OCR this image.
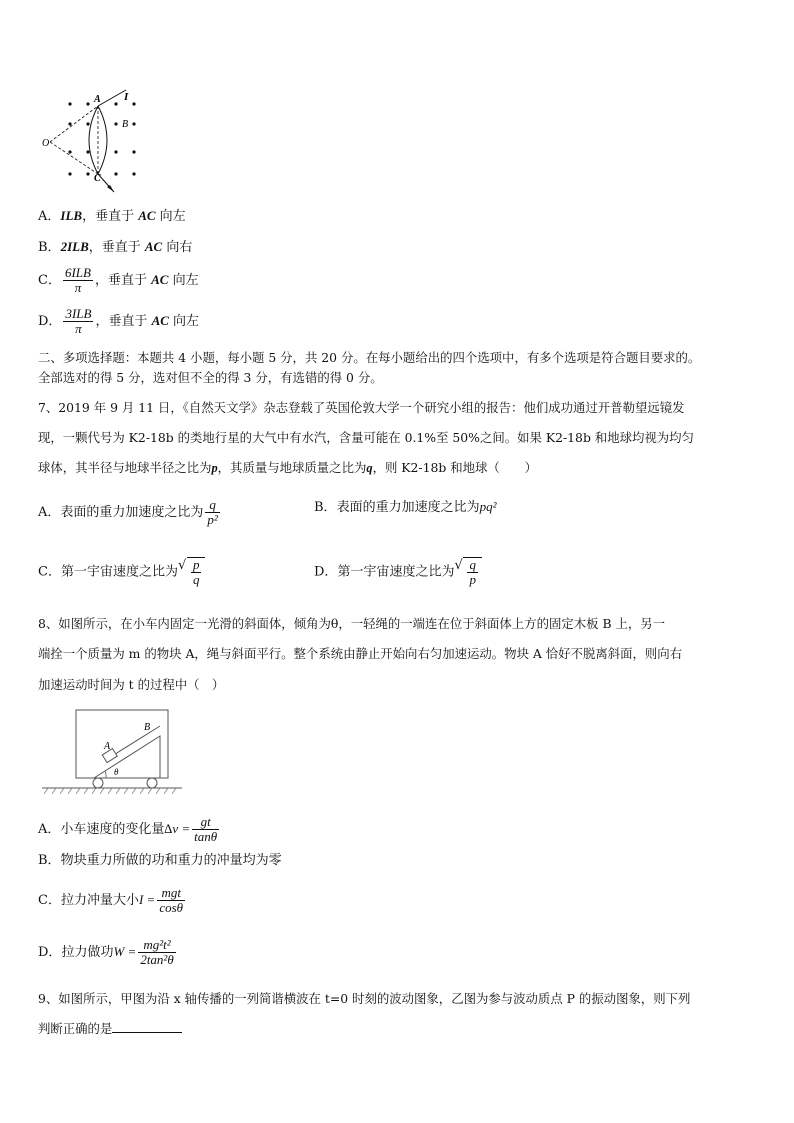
O
A I
B
C
A．ILB，垂直于 AC 向左
B．2ILB，垂直于 AC 向右
C． $\frac{\text{6ILB}}{\pi}$ ，垂直于 AC 向左
D． $\frac{\text{3ILB}}{\pi}$ ，垂直于 AC 向左
二、多项选择题：本题共 4 小题，每小题 5 分，共 20 分。在每小题给出的四个选项中，有多个选项是符合题目要求的。
全部选对的得 5 分，选对但不全的得 3 分，有选错的得 0 分。
7、2019 年 9 月 11 日，《自然天文学》杂志登载了英国伦敦大学一个研究小组的报告：他们成功通过开普勒望远镜发
现，一颗代号为 K2-18b 的类地行星的大气中有水汽，含量可能在 0.1%至 50%之间。如果 K2-18b 和地球均视为均匀
球体，其半径与地球半径之比为p，其质量与地球质量之比为q，则 K2-18b 和地球（　　）
A．表面的重力加速度之比为 $\frac{q}{\text{p²}}$	B．表面的重力加速度之比为pq²
C．第一宇宙速度之比为 √ $\frac{p}{q}$	D．第一宇宙速度之比为 √ $\frac{q}{p}$
8、如图所示，在小车内固定一光滑的斜面体，倾角为θ，一轻绳的一端连在位于斜面体上方的固定木板 B 上，另一
端拴一个质量为 m 的物块 A，绳与斜面平行。整个系统由静止开始向右匀加速运动。物块 A 恰好不脱离斜面，则向右
加速运动时间为 t 的过程中（　）
B
A
θ
A．小车速度的变化量$\Delta v = \frac{gt}{\tan\theta}$
B．物块重力所做的功和重力的冲量均为零
C．拉力冲量大小$I = \frac{\text{mgt}}{\cos\theta}$
D．拉力做功$W = \frac{\text{mg²t²}}{\text{2tan²θ}}$
9、如图所示，甲图为沿 x 轴传播的一列简谐横波在 t=0 时刻的波动图象，乙图为参与波动质点 P 的振动图象，则下列
判断正确的是
